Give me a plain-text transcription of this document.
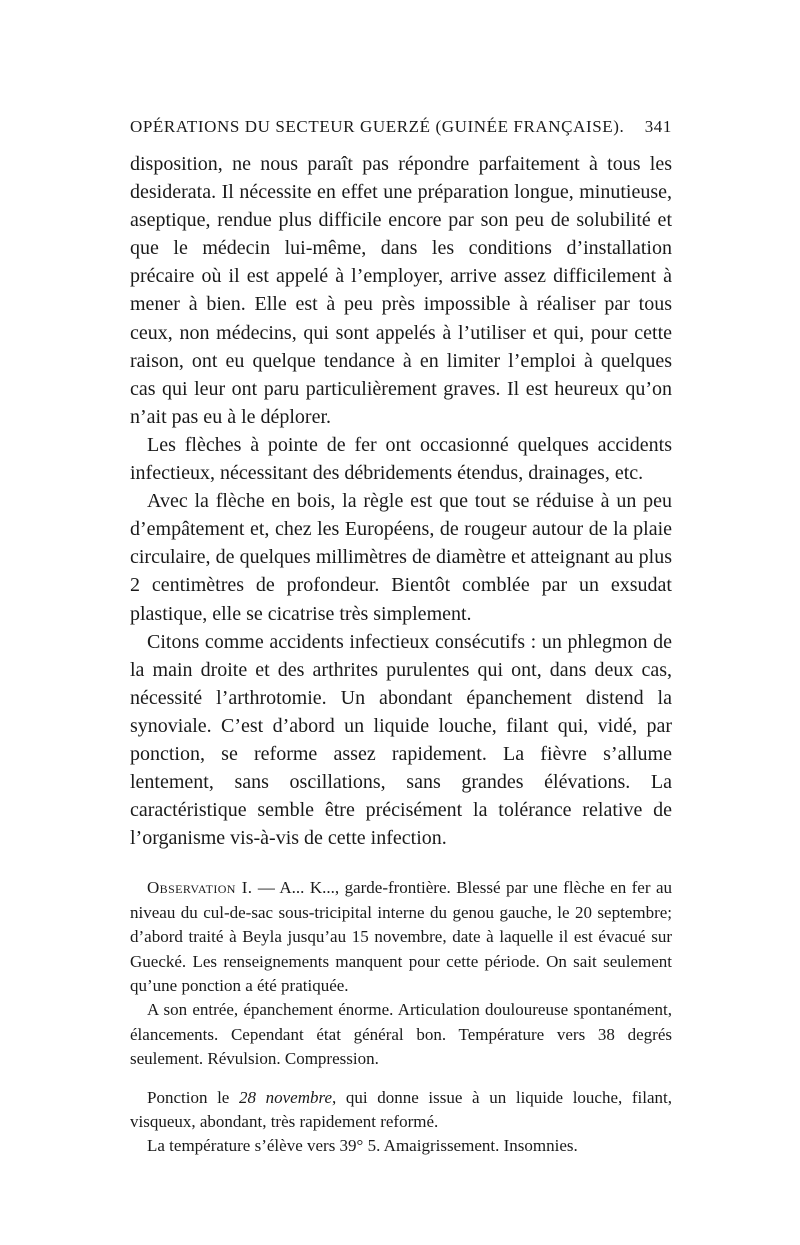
OPÉRATIONS DU SECTEUR GUERZÉ (GUINÉE FRANÇAISE). 341

disposition, ne nous paraît pas répondre parfaitement à tous les desiderata. Il nécessite en effet une préparation longue, minutieuse, aseptique, rendue plus difficile encore par son peu de solubilité et que le médecin lui-même, dans les conditions d’installation précaire où il est appelé à l’employer, arrive assez difficilement à mener à bien. Elle est à peu près impossible à réaliser par tous ceux, non médecins, qui sont appelés à l’utiliser et qui, pour cette raison, ont eu quelque tendance à en limiter l’emploi à quelques cas qui leur ont paru particulièrement graves. Il est heureux qu’on n’ait pas eu à le déplorer.

Les flèches à pointe de fer ont occasionné quelques accidents infectieux, nécessitant des débridements étendus, drainages, etc.

Avec la flèche en bois, la règle est que tout se réduise à un peu d’empâtement et, chez les Européens, de rougeur autour de la plaie circulaire, de quelques millimètres de diamètre et atteignant au plus 2 centimètres de profondeur. Bientôt comblée par un exsudat plastique, elle se cicatrise très simplement.

Citons comme accidents infectieux consécutifs : un phlegmon de la main droite et des arthrites purulentes qui ont, dans deux cas, nécessité l’arthrotomie. Un abondant épanchement distend la synoviale. C’est d’abord un liquide louche, filant qui, vidé, par ponction, se reforme assez rapidement. La fièvre s’allume lentement, sans oscillations, sans grandes élévations. La caractéristique semble être précisément la tolérance relative de l’organisme vis-à-vis de cette infection.

Observation I. — A... K..., garde-frontière. Blessé par une flèche en fer au niveau du cul-de-sac sous-tricipital interne du genou gauche, le 20 septembre; d’abord traité à Beyla jusqu’au 15 novembre, date à laquelle il est évacué sur Guecké. Les renseignements manquent pour cette période. On sait seulement qu’une ponction a été pratiquée.

A son entrée, épanchement énorme. Articulation douloureuse spontanément, élancements. Cependant état général bon. Température vers 38 degrés seulement. Révulsion. Compression.

Ponction le 28 novembre, qui donne issue à un liquide louche, filant, visqueux, abondant, très rapidement reformé.

La température s’élève vers 39° 5. Amaigrissement. Insomnies.
